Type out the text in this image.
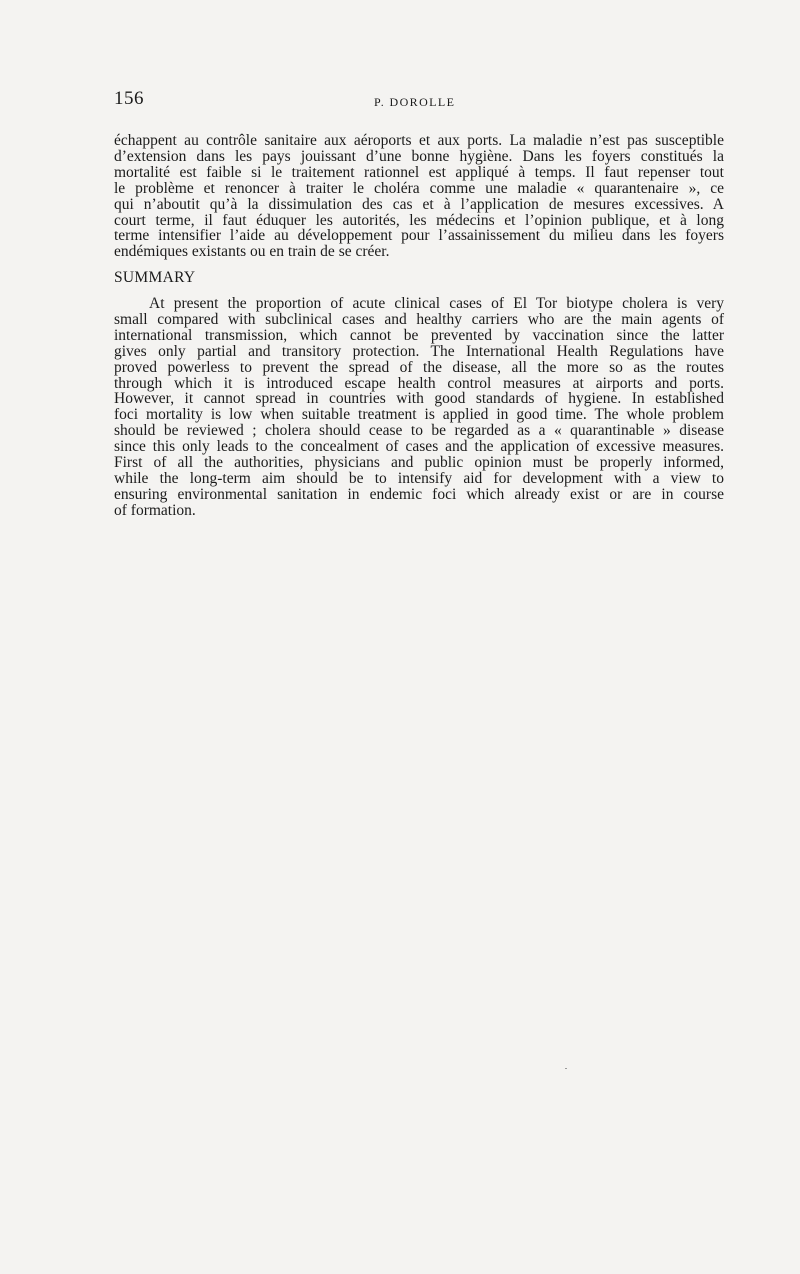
156	P. DOROLLE
échappent au contrôle sanitaire aux aéroports et aux ports. La maladie n’est pas susceptible
d’extension dans les pays jouissant d’une bonne hygiène. Dans les foyers constitués la
mortalité est faible si le traitement rationnel est appliqué à temps. Il faut repenser tout
le problème et renoncer à traiter le choléra comme une maladie « quarantenaire », ce
qui n’aboutit qu’à la dissimulation des cas et à l’application de mesures excessives. A
court terme, il faut éduquer les autorités, les médecins et l’opinion publique, et à long
terme intensifier l’aide au développement pour l’assainissement du milieu dans les foyers
endémiques existants ou en train de se créer.
SUMMARY
At present the proportion of acute clinical cases of El Tor biotype cholera is very
small compared with subclinical cases and healthy carriers who are the main agents of
international transmission, which cannot be prevented by vaccination since the latter
gives only partial and transitory protection. The International Health Regulations have
proved powerless to prevent the spread of the disease, all the more so as the routes
through which it is introduced escape health control measures at airports and ports.
However, it cannot spread in countries with good standards of hygiene. In established
foci mortality is low when suitable treatment is applied in good time. The whole problem
should be reviewed ; cholera should cease to be regarded as a « quarantinable » disease
since this only leads to the concealment of cases and the application of excessive measures.
First of all the authorities, physicians and public opinion must be properly informed,
while the long-term aim should be to intensify aid for development with a view to
ensuring environmental sanitation in endemic foci which already exist or are in course
of formation.
